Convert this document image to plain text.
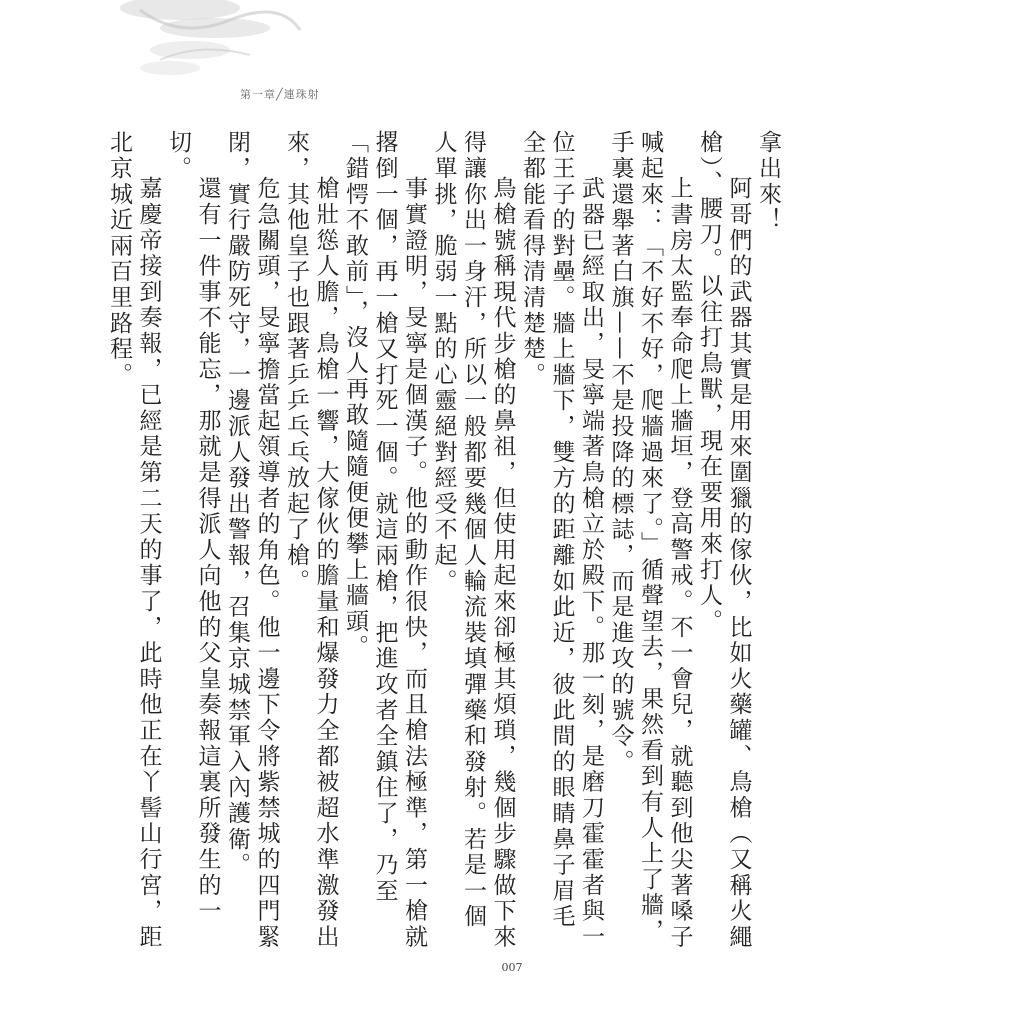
第一章╱連珠射

拿出來！

阿哥們的武器其實是用來圍獵的傢伙，比如火藥罐、鳥槍（又稱火繩槍）、腰刀。以往打鳥獸，現在要用來打人。

上書房太監奉命爬上牆垣，登高警戒。不一會兒，就聽到他尖著嗓子喊起來：「不好不好，爬牆過來了。」循聲望去，果然看到有人上了牆，手裏還舉著白旗——不是投降的標誌，而是進攻的號令。

武器已經取出，旻寧端著鳥槍立於殿下。那一刻，是磨刀霍霍者與一位王子的對壘。牆上牆下，雙方的距離如此近，彼此間的眼睛鼻子眉毛全都能看得清清楚楚。

鳥槍號稱現代步槍的鼻祖，但使用起來卻極其煩瑣，幾個步驟做下來得讓你出一身汗，所以一般都要幾個人輪流裝填彈藥和發射。若是一個人單挑，脆弱一點的心靈絕對經受不起。

事實證明，旻寧是個漢子。他的動作很快，而且槍法極準，第一槍就撂倒一個，再一槍又打死一個。就這兩槍，把進攻者全鎮住了，乃至「錯愕不敢前」，沒人再敢隨隨便便攀上牆頭。

槍壯慫人膽，鳥槍一響，大傢伙的膽量和爆發力全都被超水準激發出來，其他皇子也跟著乒乒乓乓放起了槍。

危急關頭，旻寧擔當起領導者的角色。他一邊下令將紫禁城的四門緊閉，實行嚴防死守，一邊派人發出警報，召集京城禁軍入內護衛。

還有一件事不能忘，那就是得派人向他的父皇奏報這裏所發生的一切。

嘉慶帝接到奏報，已經是第二天的事了，此時他正在丫髻山行宮，距北京城近兩百里路程。

007
